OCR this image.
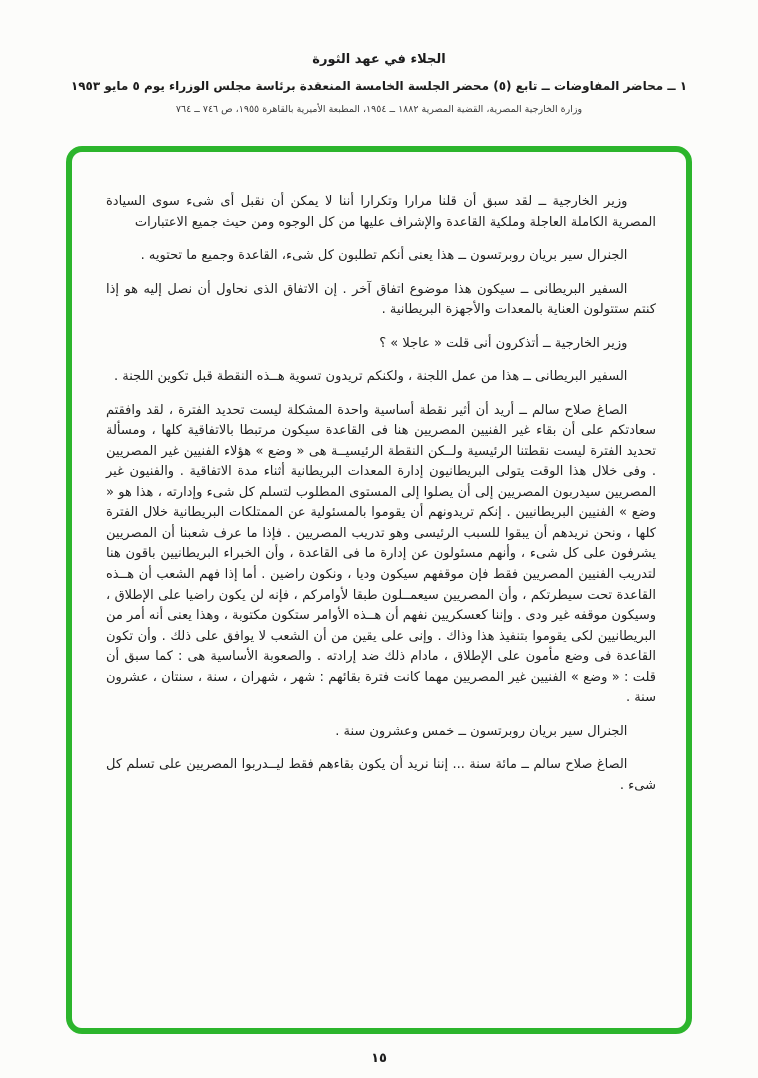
الجلاء في عهد الثورة
١ ــ محاضر المفاوضات ــ تابع (٥) محضر الجلسة الخامسة المنعقدة برئاسة مجلس الوزراء يوم ٥ مايو ١٩٥٣
وزارة الخارجية المصرية، القضية المصرية ١٨٨٢ ــ ١٩٥٤، المطبعة الأميرية بالقاهرة ١٩٥٥، ص ٧٤٦ ــ ٧٦٤

وزير الخارجية ــ لقد سبق أن قلنا مرارا وتكرارا أننا لا يمكن أن نقبل أى شىء سوى السيادة المصرية الكاملة العاجلة وملكية القاعدة والإشراف عليها من كل الوجوه ومن حيث جميع الاعتبارات

الجنرال سير بريان روبرتسون ــ هذا يعنى أنكم تطلبون كل شىء، القاعدة وجميع ما تحتويه .

السفير البريطانى ــ سيكون هذا موضوع اتفاق آخر . إن الاتفاق الذى نحاول أن نصل إليه هو إذا كنتم ستتولون العناية بالمعدات والأجهزة البريطانية .

وزير الخارجية ــ أتذكرون أنى قلت « عاجلا » ؟

السفير البريطانى ــ هذا من عمل اللجنة ، ولكنكم تريدون تسوية هــذه النقطة قبل تكوين اللجنة .

الصاغ صلاح سالم ــ أريد أن أثير نقطة أساسية واحدة المشكلة ليست تحديد الفترة ، لقد وافقتم سعادتكم على أن بقاء غير الفنيين المصريين هنا فى القاعدة سيكون مرتبطا بالاتفاقية كلها ، ومسألة تحديد الفترة ليست نقطتنا الرئيسية ولــكن النقطة الرئيسيــة هى « وضع » هؤلاء الفنيين غير المصريين . وفى خلال هذا الوقت يتولى البريطانيون إدارة المعدات البريطانية أثناء مدة الاتفاقية . والفنيون غير المصريين سيدربون المصريين إلى أن يصلوا إلى المستوى المطلوب لتسلم كل شىء وإدارته ، هذا هو « وضع » الفنيين البريطانيين . إنكم تريدونهم أن يقوموا بالمسئولية عن الممتلكات البريطانية خلال الفترة كلها ، ونحن نريدهم أن يبقوا للسبب الرئيسى وهو تدريب المصريين . فإذا ما عرف شعبنا أن المصريين يشرفون على كل شىء ، وأنهم مسئولون عن إدارة ما فى القاعدة ، وأن الخبراء البريطانيين باقون هنا لتدريب الفنيين المصريين فقط فإن موقفهم سيكون وديا ، ونكون راضين . أما إذا فهم الشعب أن هــذه القاعدة تحت سيطرتكم ، وأن المصريين سيعمــلون طبقا لأوامركم ، فإنه لن يكون راضيا على الإطلاق ، وسيكون موقفه غير ودى . وإننا كعسكريين نفهم أن هــذه الأوامر ستكون مكتوبة ، وهذا يعنى أنه أمر من البريطانيين لكى يقوموا بتنفيذ هذا وذاك . وإنى على يقين من أن الشعب لا يوافق على ذلك . وأن تكون القاعدة فى وضع مأمون على الإطلاق ، مادام ذلك ضد إرادته . والصعوبة الأساسية هى : كما سبق أن قلت : « وضع » الفنيين غير المصريين مهما كانت فترة بقائهم : شهر ، شهران ، سنة ، سنتان ، عشرون سنة .

الجنرال سير بريان روبرتسون ــ خمس وعشرون سنة .

الصاغ صلاح سالم ــ مائة سنة ... إننا نريد أن يكون بقاءهم فقط ليــدربوا المصريين على تسلم كل شىء .

١٥
